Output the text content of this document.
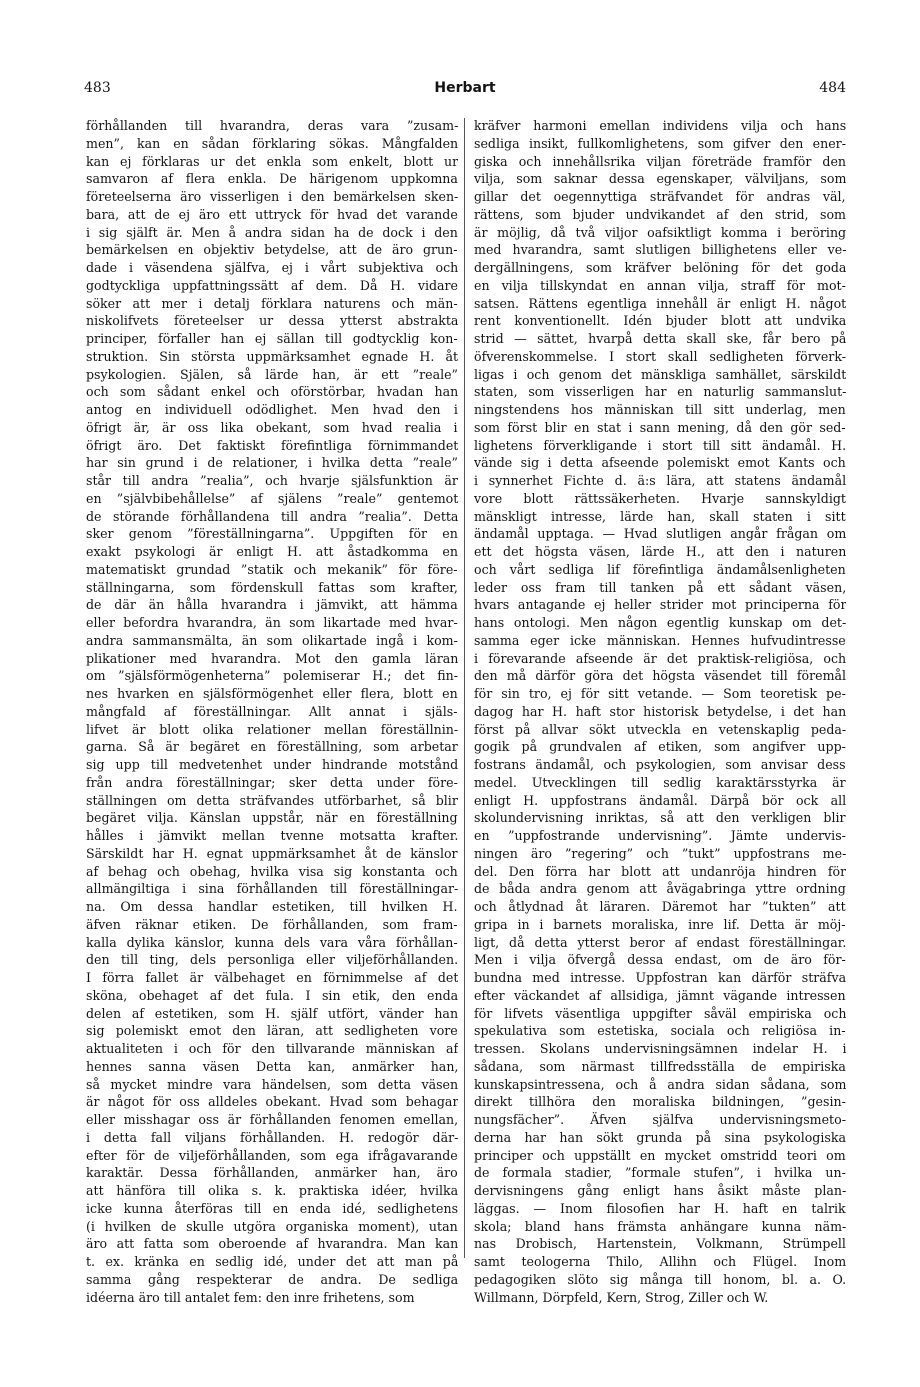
483	Herbart	484
förhållanden till hvarandra, deras vara ”zusam-
men”, kan en sådan förklaring sökas. Mångfalden
kan ej förklaras ur det enkla som enkelt, blott ur
samvaron af flera enkla. De härigenom uppkomna
företeelserna äro visserligen i den bemärkelsen sken-
bara, att de ej äro ett uttryck för hvad det varande
i sig själft är. Men å andra sidan ha de dock i den
bemärkelsen en objektiv betydelse, att de äro grun-
dade i väsendena själfva, ej i vårt subjektiva och
godtyckliga uppfattningssätt af dem. Då H. vidare
söker att mer i detalj förklara naturens och män-
niskolifvets företeelser ur dessa ytterst abstrakta
principer, förfaller han ej sällan till godtycklig kon-
struktion. Sin största uppmärksamhet egnade H. åt
psykologien. Själen, så lärde han, är ett ”reale”
och som sådant enkel och oförstörbar, hvadan han
antog en individuell odödlighet. Men hvad den i
öfrigt är, är oss lika obekant, som hvad realia i
öfrigt äro. Det faktiskt förefintliga förnimmandet
har sin grund i de relationer, i hvilka detta ”reale”
står till andra ”realia”, och hvarje själsfunktion är
en ”självbibehållelse” af själens ”reale” gentemot
de störande förhållandena till andra ”realia”. Detta
sker genom ”föreställningarna”. Uppgiften för en
exakt psykologi är enligt H. att åstadkomma en
matematiskt grundad ”statik och mekanik” för före-
ställningarna, som fördenskull fattas som krafter,
de där än hålla hvarandra i jämvikt, att hämma
eller befordra hvarandra, än som likartade med hvar-
andra sammansmälta, än som olikartade ingå i kom-
plikationer med hvarandra. Mot den gamla läran
om ”själsförmögenheterna” polemiserar H.; det fin-
nes hvarken en själsförmögenhet eller flera, blott en
mångfald af föreställningar. Allt annat i själs-
lifvet är blott olika relationer mellan föreställnin-
garna. Så är begäret en föreställning, som arbetar
sig upp till medvetenhet under hindrande motstånd
från andra föreställningar; sker detta under före-
ställningen om detta sträfvandes utförbarhet, så blir
begäret vilja. Känslan uppstår, när en föreställning
hålles i jämvikt mellan tvenne motsatta krafter.
Särskildt har H. egnat uppmärksamhet åt de känslor
af behag och obehag, hvilka visa sig konstanta och
allmängiltiga i sina förhållanden till föreställningar-
na. Om dessa handlar estetiken, till hvilken H.
äfven räknar etiken. De förhållanden, som fram-
kalla dylika känslor, kunna dels vara våra förhållan-
den till ting, dels personliga eller viljeförhållanden.
I förra fallet är välbehaget en förnimmelse af det
sköna, obehaget af det fula. I sin etik, den enda
delen af estetiken, som H. själf utfört, vänder han
sig polemiskt emot den läran, att sedligheten vore
aktualiteten i och för den tillvarande människan af
hennes sanna väsen Detta kan, anmärker han,
så mycket mindre vara händelsen, som detta väsen
är något för oss alldeles obekant. Hvad som behagar
eller misshagar oss är förhållanden fenomen emellan,
i detta fall viljans förhållanden. H. redogör där-
efter för de viljeförhållanden, som ega ifrågavarande
karaktär. Dessa förhållanden, anmärker han, äro
att hänföra till olika s. k. praktiska idéer, hvilka
icke kunna återföras till en enda idé, sedlighetens
(i hvilken de skulle utgöra organiska moment), utan
äro att fatta som oberoende af hvarandra. Man kan
t. ex. kränka en sedlig idé, under det att man på
samma gång respekterar de andra. De sedliga
idéerna äro till antalet fem: den inre frihetens, som
kräfver harmoni emellan individens vilja och hans
sedliga insikt, fullkomlighetens, som gifver den ener-
giska och innehållsrika viljan företräde framför den
vilja, som saknar dessa egenskaper, välviljans, som
gillar det oegennyttiga sträfvandet för andras väl,
rättens, som bjuder undvikandet af den strid, som
är möjlig, då två viljor oafsiktligt komma i beröring
med hvarandra, samt slutligen billighetens eller ve-
dergällningens, som kräfver belöning för det goda
en vilja tillskyndat en annan vilja, straff för mot-
satsen. Rättens egentliga innehåll är enligt H. något
rent konventionellt. Idén bjuder blott att undvika
strid — sättet, hvarpå detta skall ske, får bero på
öfverenskommelse. I stort skall sedligheten förverk-
ligas i och genom det mänskliga samhället, särskildt
staten, som visserligen har en naturlig sammanslut-
ningstendens hos människan till sitt underlag, men
som först blir en stat i sann mening, då den gör sed-
lighetens förverkligande i stort till sitt ändamål. H.
vände sig i detta afseende polemiskt emot Kants och
i synnerhet Fichte d. ä:s lära, att statens ändamål
vore blott rättssäkerheten. Hvarje sannskyldigt
mänskligt intresse, lärde han, skall staten i sitt
ändamål upptaga. — Hvad slutligen angår frågan om
ett det högsta väsen, lärde H., att den i naturen
och vårt sedliga lif förefintliga ändamålsenligheten
leder oss fram till tanken på ett sådant väsen,
hvars antagande ej heller strider mot principerna för
hans ontologi. Men någon egentlig kunskap om det-
samma eger icke människan. Hennes hufvudintresse
i förevarande afseende är det praktisk-religiösa, och
den må därför göra det högsta väsendet till föremål
för sin tro, ej för sitt vetande. — Som teoretisk pe-
dagog har H. haft stor historisk betydelse, i det han
först på allvar sökt utveckla en vetenskaplig peda-
gogik på grundvalen af etiken, som angifver upp-
fostrans ändamål, och psykologien, som anvisar dess
medel. Utvecklingen till sedlig karaktärsstyrka är
enligt H. uppfostrans ändamål. Därpå bör ock all
skolundervisning inriktas, så att den verkligen blir
en ”uppfostrande undervisning”. Jämte undervis-
ningen äro ”regering” och ”tukt” uppfostrans me-
del. Den förra har blott att undanröja hindren för
de båda andra genom att åvägabringa yttre ordning
och åtlydnad åt läraren. Däremot har ”tukten” att
gripa in i barnets moraliska, inre lif. Detta är möj-
ligt, då detta ytterst beror af endast föreställningar.
Men i vilja öfvergå dessa endast, om de äro för-
bundna med intresse. Uppfostran kan därför sträfva
efter väckandet af allsidiga, jämnt vägande intressen
för lifvets väsentliga uppgifter såväl empiriska och
spekulativa som estetiska, sociala och religiösa in-
tressen. Skolans undervisningsämnen indelar H. i
sådana, som närmast tillfredsställa de empiriska
kunskapsintressena, och å andra sidan sådana, som
direkt tillhöra den moraliska bildningen, ”gesin-
nungsfächer”. Äfven själfva undervisningsmeto-
derna har han sökt grunda på sina psykologiska
principer och uppställt en mycket omstridd teori om
de formala stadier, ”formale stufen”, i hvilka un-
dervisningens gång enligt hans åsikt måste plan-
läggas. — Inom filosofien har H. haft en talrik
skola; bland hans främsta anhängare kunna näm-
nas Drobisch, Hartenstein, Volkmann, Strümpell
samt teologerna Thilo, Allihn och Flügel. Inom
pedagogiken slöto sig många till honom, bl. a. O.
Willmann, Dörpfeld, Kern, Strog, Ziller och W.
